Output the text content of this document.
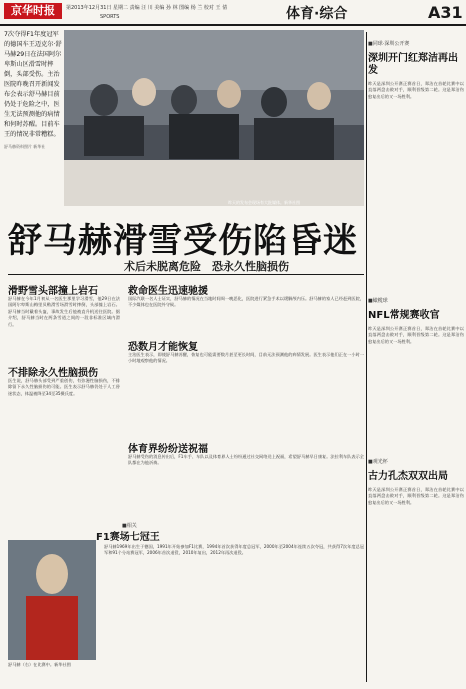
京华时报	第2013年12月31日 星期二 责编 汪 川 美编 孙 林 图编 杨 兰 校对 王 倩
SPORTS	体育·综合	A31
7次夺得F1年度冠军的德国车王迈克尔·舒马赫29日在法国阿尔卑斯山区滑雪时摔倒，头部受伤。主治医院昨晚召开新闻发布会表示舒马赫目前仍处于危险之中，医生无法预测他的病情和何时苏醒。目前车王的情况非常糟糕。
舒马赫资料照片 新华社
昨天的发布会现场有大批媒体。新华社图
舒马赫滑雪受伤陷昏迷
术后未脱离危险　恐永久性脑损伤
滑野雪头部撞上岩石
舒马赫在今年1月初从一名医生那里学习滑雪，他29日在法国阿尔卑斯山梅里贝勒滑雪场滑雪时摔倒，头部撞上岩石。舒马赫当时戴着头盔，事故发生后他被直升机送往医院。据介绍，舒马赫当时在两条雪道之间的一段非标准区域内滑行。
救命医生迅速驰援
国际汽联一名人士证实，舒马赫的情况在当地时间周一晚恶化，医院进行紧急手术以缓解颅内压。舒马赫的家人已经赶到医院，不少媒体也在医院外守候。
恐数月才能恢复
主治医生表示，即使舒马赫苏醒，恢复也可能需要数月甚至更长时间，目前无法预测他的病情发展。医生表示他们正在一小时一小时地观察他的情况。
不排除永久性脑损伤
医生说，舒马赫头部受到严重创伤，有弥漫性脑损伤，不排除留下永久性脑损伤的可能。医生表示舒马赫仍处于人工昏迷状态，体温被降至34至35摄氏度。
体育界纷纷送祝福
舒马赫受伤的消息传出后，F1车手、车队以及体育界人士纷纷通过社交网络送上祝福，希望舒马赫早日康复。法拉利车队表示全队都在为他祈祷。
■相关
F1赛场七冠王
舒马赫（右）在比赛中。新华社图
舒马赫1969年出生于德国，1991年开始参加F1比赛，1994年首次获得年度总冠军，2000年至2004年连续五次夺冠，共获得7次年度总冠军和91个分站赛冠军，2006年首次退役，2010年复出，2012年再次退役。
■同球·深圳公开赛
深圳开门红郑洁再出发
昨天是深圳公开赛正赛首日，郑洁在首轮比赛中以直落两盘击败对手，顺利晋级第二轮。这是郑洁伤愈复出后的又一场胜利。
■橄榄球
NFL常规赛收官
昨天是深圳公开赛正赛首日，郑洁在首轮比赛中以直落两盘击败对手，顺利晋级第二轮。这是郑洁伤愈复出后的又一场胜利。
■观光杯
古力孔杰双双出局
昨天是深圳公开赛正赛首日，郑洁在首轮比赛中以直落两盘击败对手，顺利晋级第二轮。这是郑洁伤愈复出后的又一场胜利。
